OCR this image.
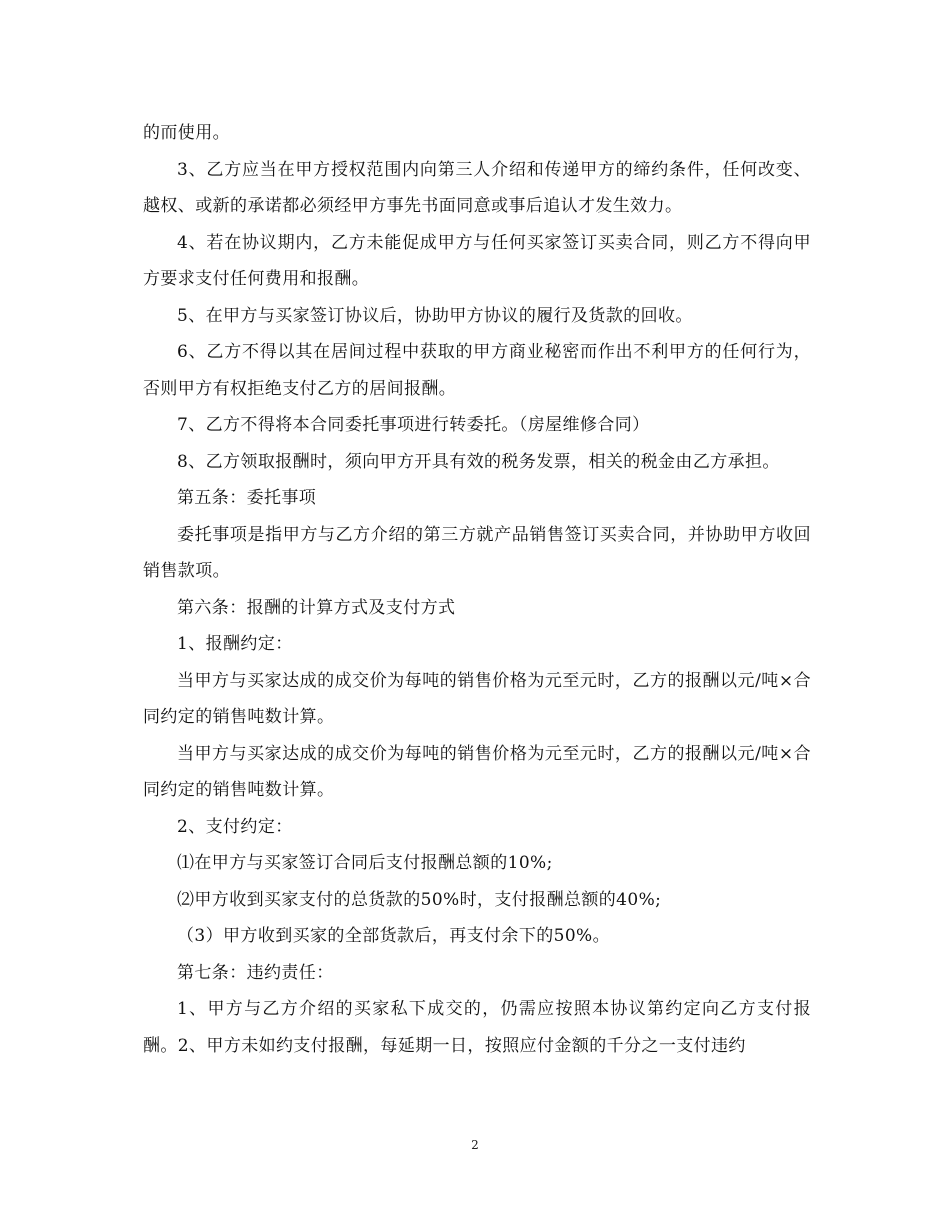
的而使用。

3、乙方应当在甲方授权范围内向第三人介绍和传递甲方的缔约条件，任何改变、越权、或新的承诺都必须经甲方事先书面同意或事后追认才发生效力。

4、若在协议期内，乙方未能促成甲方与任何买家签订买卖合同，则乙方不得向甲方要求支付任何费用和报酬。

5、在甲方与买家签订协议后，协助甲方协议的履行及货款的回收。

6、乙方不得以其在居间过程中获取的甲方商业秘密而作出不利甲方的任何行为，否则甲方有权拒绝支付乙方的居间报酬。

7、乙方不得将本合同委托事项进行转委托。（房屋维修合同）

8、乙方领取报酬时，须向甲方开具有效的税务发票，相关的税金由乙方承担。

第五条：委托事项

委托事项是指甲方与乙方介绍的第三方就产品销售签订买卖合同，并协助甲方收回销售款项。

第六条：报酬的计算方式及支付方式

1、报酬约定：

当甲方与买家达成的成交价为每吨的销售价格为元至元时，乙方的报酬以元/吨×合同约定的销售吨数计算。

当甲方与买家达成的成交价为每吨的销售价格为元至元时，乙方的报酬以元/吨×合同约定的销售吨数计算。

2、支付约定：

⑴在甲方与买家签订合同后支付报酬总额的10%;

⑵甲方收到买家支付的总货款的50%时，支付报酬总额的40%;

（3）甲方收到买家的全部货款后，再支付余下的50%。

第七条：违约责任：

1、甲方与乙方介绍的买家私下成交的，仍需应按照本协议第约定向乙方支付报酬。2、甲方未如约支付报酬，每延期一日，按照应付金额的千分之一支付违约

2
